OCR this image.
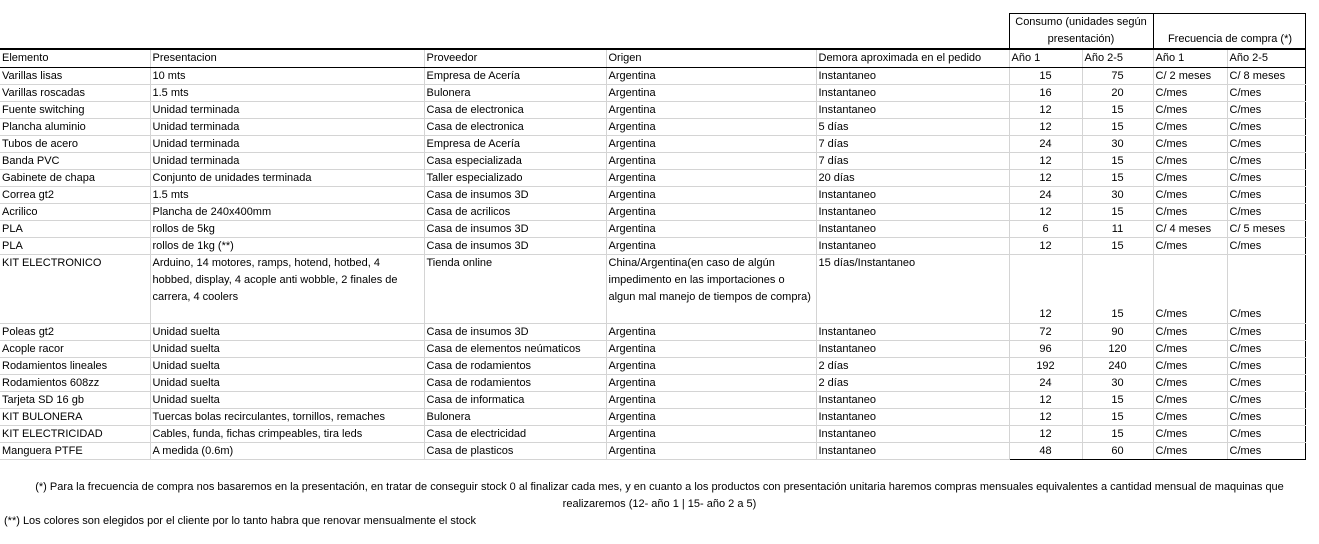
					Consumo (unidades según presentación)			
							Frecuencia de compra (*)	
Elemento	Presentacion	Proveedor	Origen	Demora aproximada en el pedido	Año 1	Año 2-5	Año 1	Año 2-5
Varillas lisas	10 mts	Empresa de Acería	Argentina	Instantaneo	15	75	C/ 2 meses	C/ 8 meses
Varillas roscadas	1.5 mts	Bulonera	Argentina	Instantaneo	16	20	C/mes	C/mes
Fuente switching	Unidad terminada	Casa de electronica	Argentina	Instantaneo	12	15	C/mes	C/mes
Plancha aluminio	Unidad terminada	Casa de electronica	Argentina	5 días	12	15	C/mes	C/mes
Tubos de acero	Unidad terminada	Empresa de Acería	Argentina	7 días	24	30	C/mes	C/mes
Banda PVC	Unidad terminada	Casa especializada	Argentina	7 días	12	15	C/mes	C/mes
Gabinete de chapa	Conjunto de unidades terminada	Taller especializado	Argentina	20 días	12	15	C/mes	C/mes
Correa gt2	1.5 mts	Casa de insumos 3D	Argentina	Instantaneo	24	30	C/mes	C/mes
Acrilico	Plancha de 240x400mm	Casa de acrilicos	Argentina	Instantaneo	12	15	C/mes	C/mes
PLA	rollos de 5kg	Casa de insumos 3D	Argentina	Instantaneo	6	11	C/ 4 meses	C/ 5 meses
PLA	rollos de 1kg (**)	Casa de insumos 3D	Argentina	Instantaneo	12	15	C/mes	C/mes
KIT ELECTRONICO	Arduino, 14 motores, ramps, hotend, hotbed, 4 hobbed, display, 4 acople anti wobble, 2 finales de carrera, 4 coolers	Tienda online	China/Argentina(en caso de algún impedimento en las importaciones o algun mal manejo de tiempos de compra)	15 días/Instantaneo	12	15	C/mes	C/mes
Poleas gt2	Unidad suelta	Casa de insumos 3D	Argentina	Instantaneo	72	90	C/mes	C/mes
Acople racor	Unidad suelta	Casa de elementos neúmaticos	Argentina	Instantaneo	96	120	C/mes	C/mes
Rodamientos lineales	Unidad suelta	Casa de rodamientos	Argentina	2 días	192	240	C/mes	C/mes
Rodamientos 608zz	Unidad suelta	Casa de rodamientos	Argentina	2 días	24	30	C/mes	C/mes
Tarjeta SD 16 gb	Unidad suelta	Casa de informatica	Argentina	Instantaneo	12	15	C/mes	C/mes
KIT BULONERA	Tuercas bolas recirculantes, tornillos, remaches	Bulonera	Argentina	Instantaneo	12	15	C/mes	C/mes
KIT ELECTRICIDAD	Cables, funda, fichas crimpeables, tira leds	Casa de electricidad	Argentina	Instantaneo	12	15	C/mes	C/mes
Manguera PTFE	A medida (0.6m)	Casa de plasticos	Argentina	Instantaneo	48	60	C/mes	C/mes
(*) Para la frecuencia de compra nos basaremos en la presentación, en tratar de conseguir stock 0 al finalizar cada mes, y en cuanto a los productos con presentación unitaria haremos compras mensuales equivalentes a cantidad mensual de maquinas que realizaremos (12- año 1 | 15- año 2 a 5)
(**) Los colores son elegidos por el cliente por lo tanto habra que renovar mensualmente el stock
